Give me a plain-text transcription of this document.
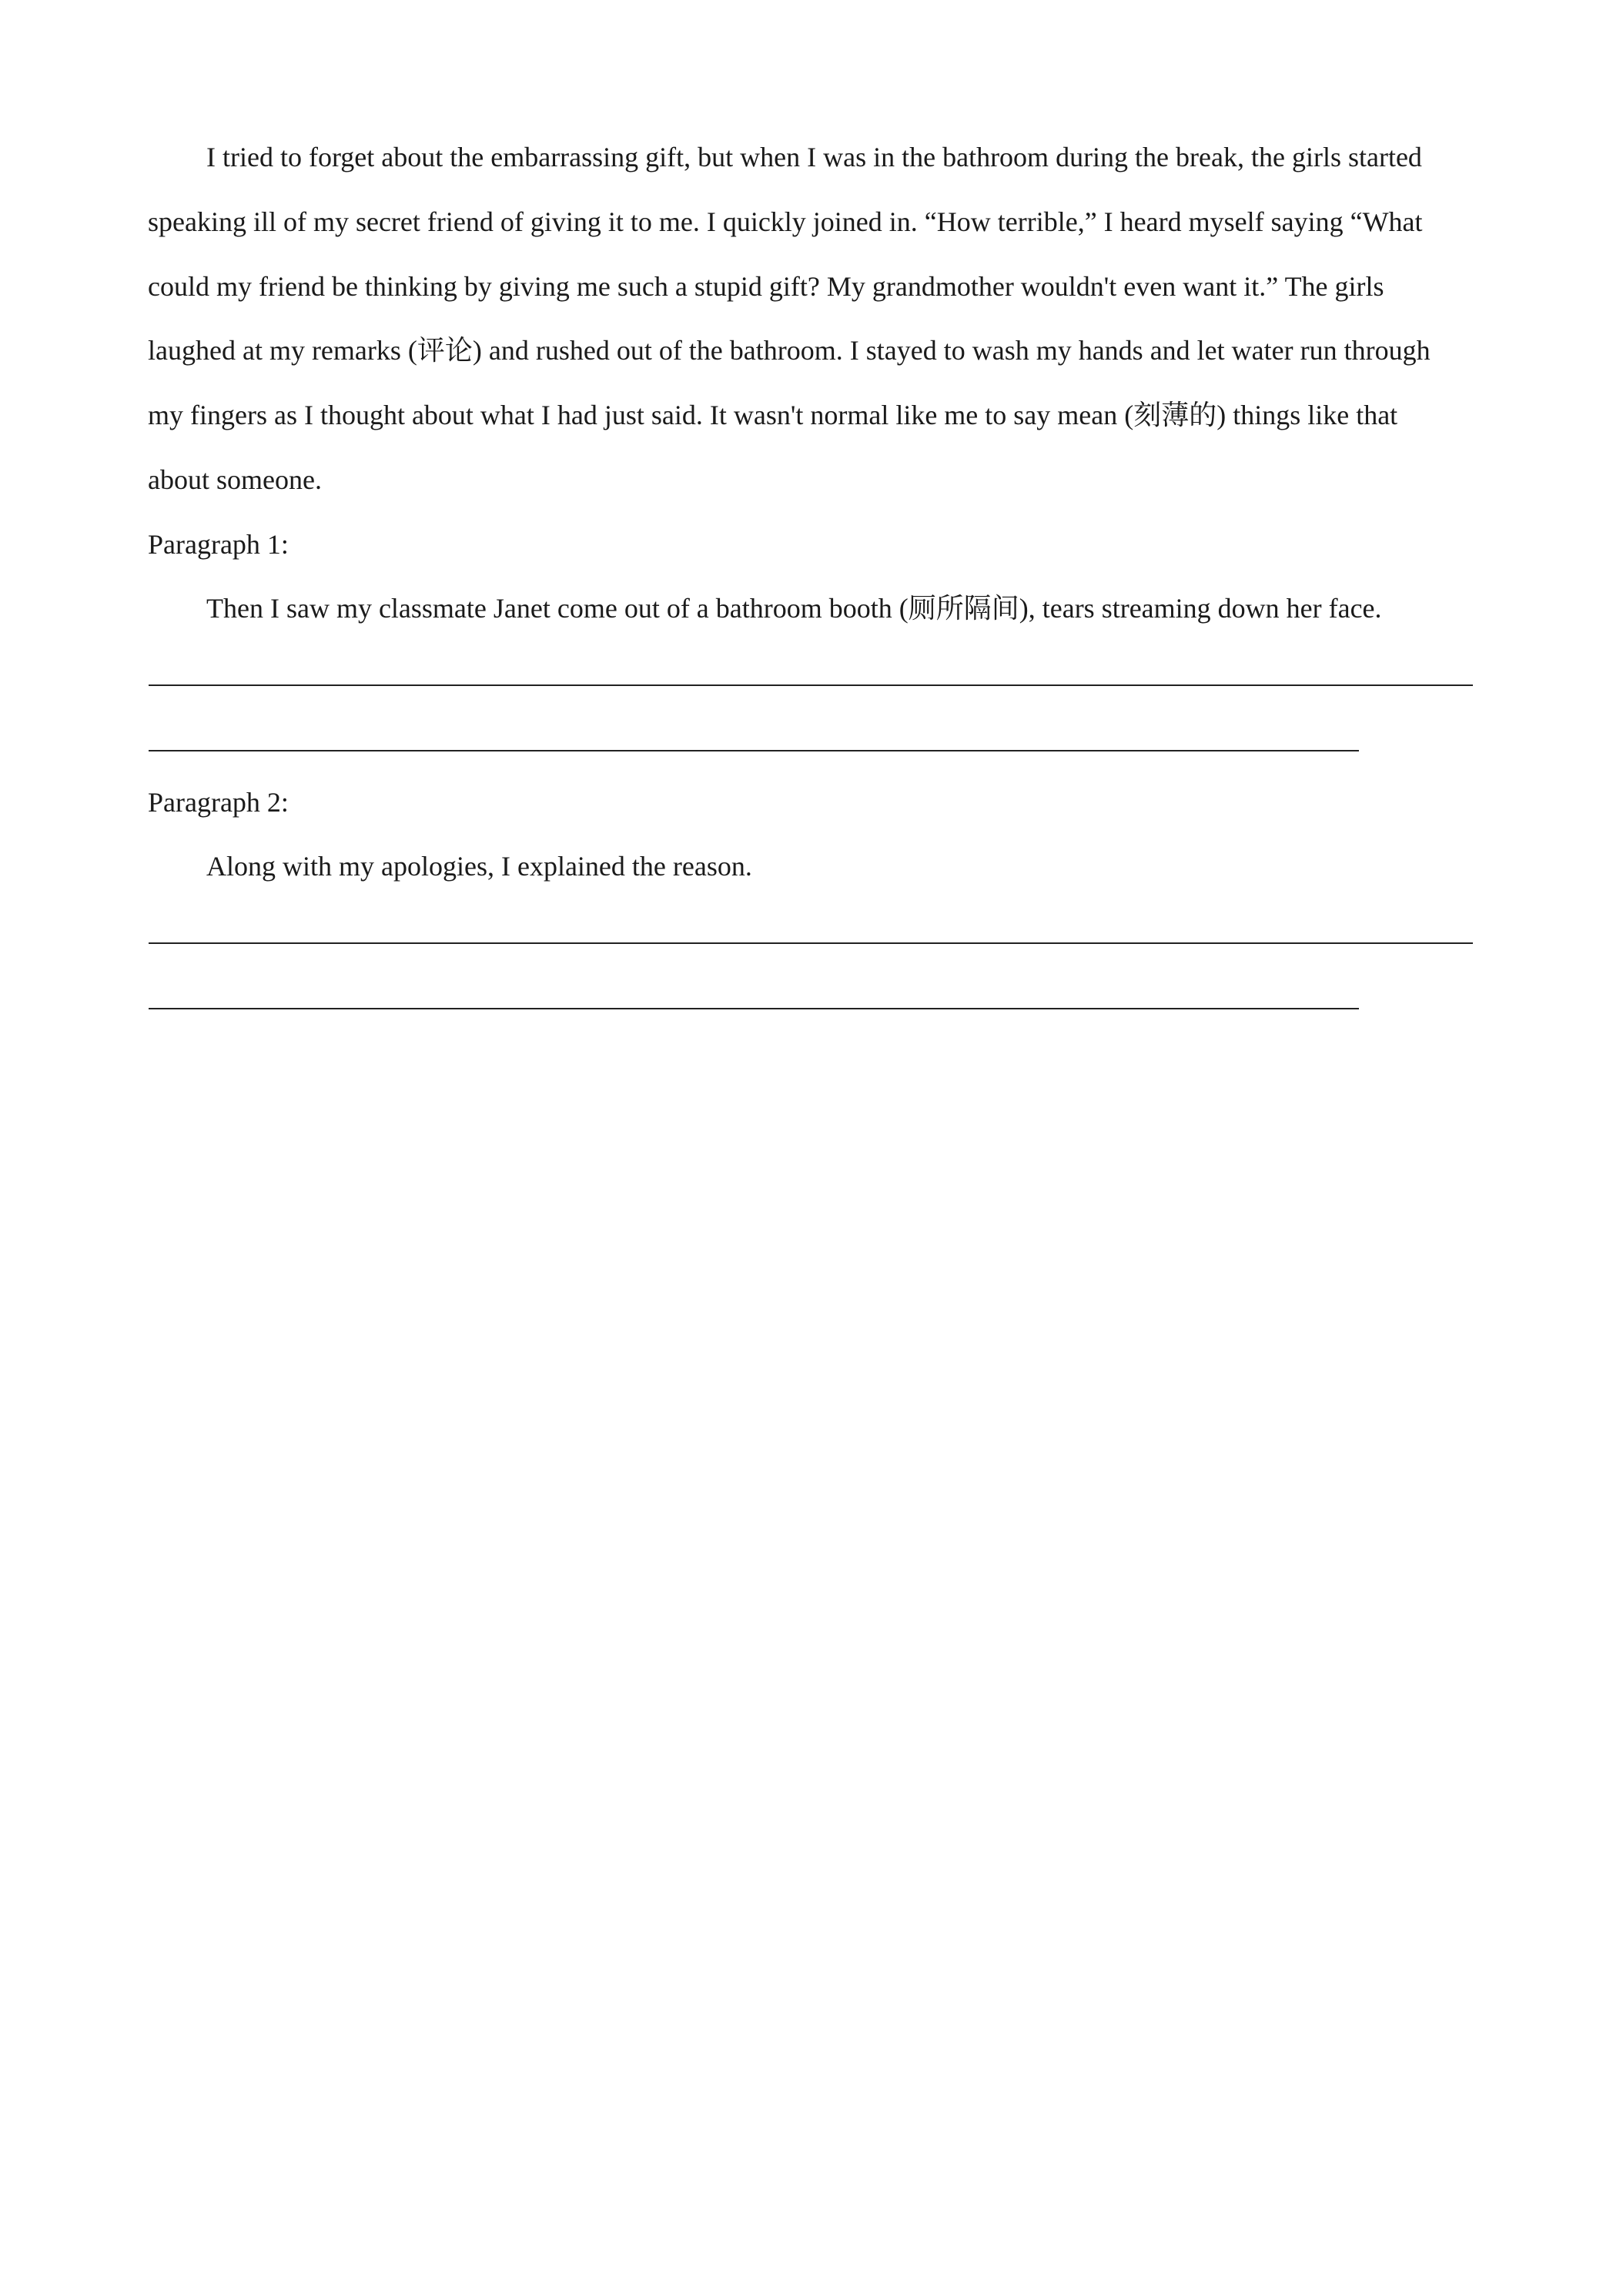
I tried to forget about the embarrassing gift, but when I was in the bathroom during the break, the girls started
speaking ill of my secret friend of giving it to me. I quickly joined in. “How terrible,” I heard myself saying “What
could my friend be thinking by giving me such a stupid gift? My grandmother wouldn't even want it.” The girls
laughed at my remarks (评论) and rushed out of the bathroom. I stayed to wash my hands and let water run through
my fingers as I thought about what I had just said. It wasn't normal like me to say mean (刻薄的) things like that
about someone.
Paragraph 1:
Then I saw my classmate Janet come out of a bathroom booth (厕所隔间), tears streaming down her face.
Paragraph 2:
Along with my apologies, I explained the reason.
